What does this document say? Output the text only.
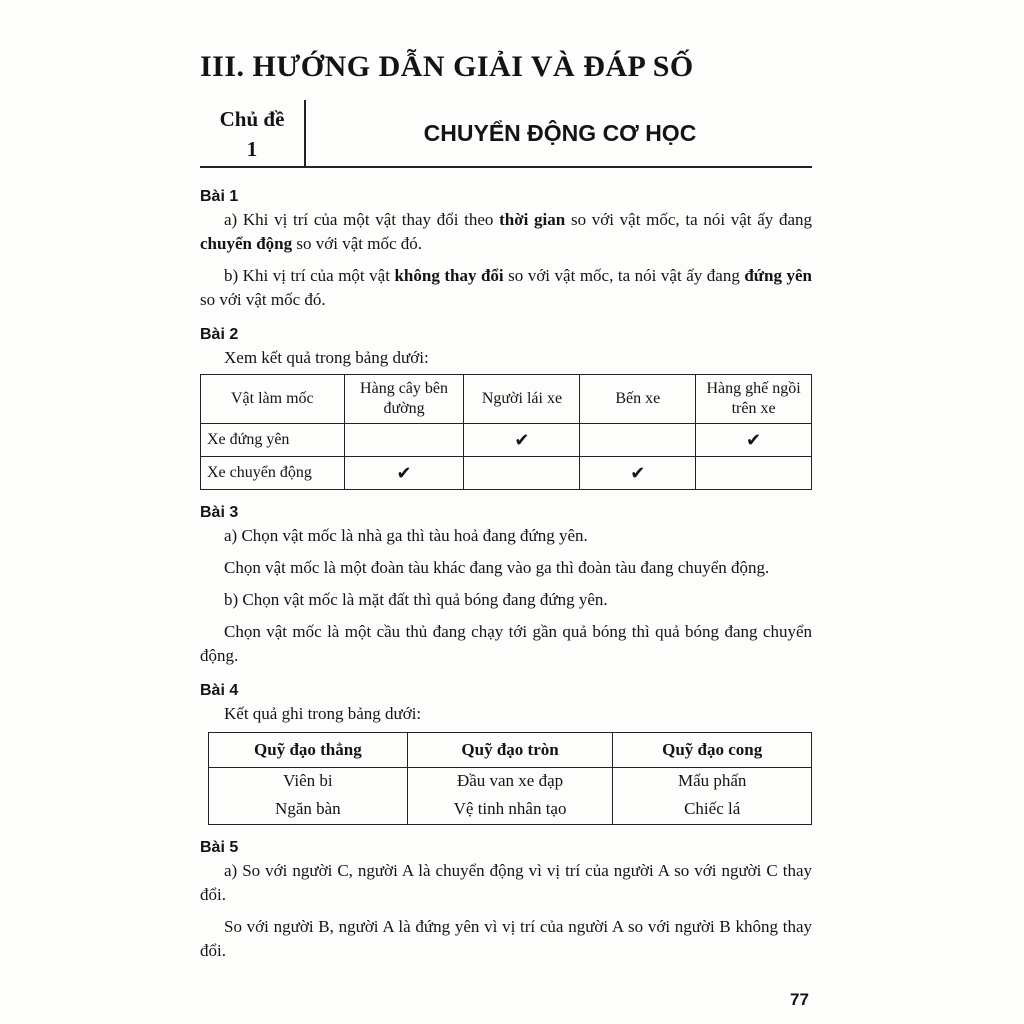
III. HƯỚNG DẪN GIẢI VÀ ĐÁP SỐ
Chủ đề
1
CHUYỂN ĐỘNG CƠ HỌC

Bài 1

a) Khi vị trí của một vật thay đổi theo thời gian so với vật mốc, ta nói vật ấy đang chuyển động so với vật mốc đó.

b) Khi vị trí của một vật không thay đổi so với vật mốc, ta nói vật ấy đang đứng yên so với vật mốc đó.

Bài 2

Xem kết quả trong bảng dưới:

Vật làm mốc	Hàng cây bên đường	Người lái xe	Bến xe	Hàng ghế ngồi trên xe
Xe đứng yên		✔		✔
Xe chuyển động	✔		✔	

Bài 3

a) Chọn vật mốc là nhà ga thì tàu hoả đang đứng yên.

Chọn vật mốc là một đoàn tàu khác đang vào ga thì đoàn tàu đang chuyển động.

b) Chọn vật mốc là mặt đất thì quả bóng đang đứng yên.

Chọn vật mốc là một cầu thủ đang chạy tới gần quả bóng thì quả bóng đang chuyển động.

Bài 4

Kết quả ghi trong bảng dưới:

Quỹ đạo thẳng	Quỹ đạo tròn	Quỹ đạo cong
Viên bi	Đầu van xe đạp	Mẩu phấn
Ngăn bàn	Vệ tinh nhân tạo	Chiếc lá

Bài 5

a) So với người C, người A là chuyển động vì vị trí của người A so với người C thay đổi.

So với người B, người A là đứng yên vì vị trí của người A so với người B không thay đổi.

77
